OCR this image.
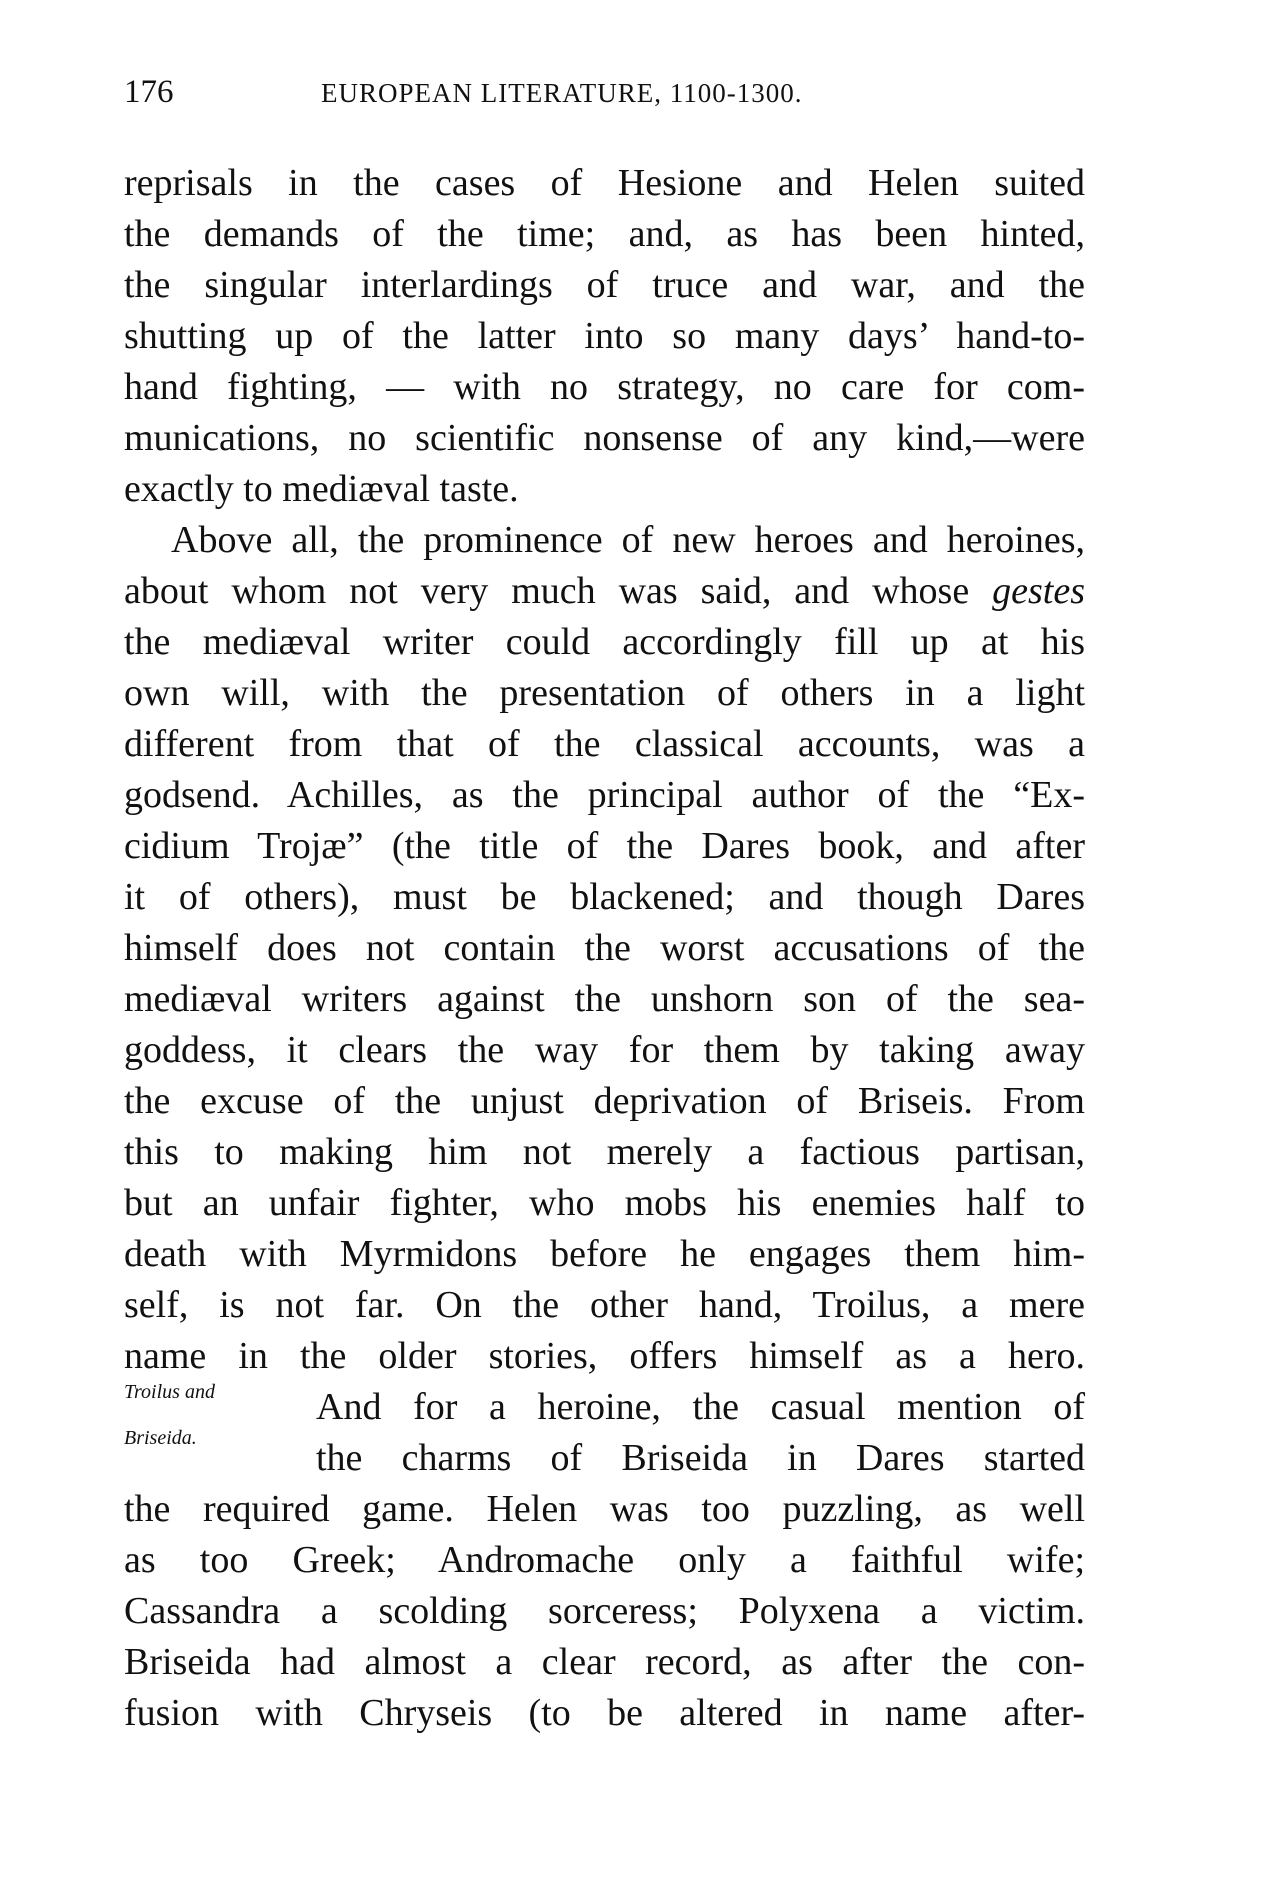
176	EUROPEAN LITERATURE, 1100-1300.
Troilus and
Briseida.
reprisals in the cases of Hesione and Helen suited
the demands of the time; and, as has been hinted,
the singular interlardings of truce and war, and the
shutting up of the latter into so many days’ hand-to-
hand fighting, — with no strategy, no care for com-
munications, no scientific nonsense of any kind,—were
exactly to mediæval taste.
Above all, the prominence of new heroes and heroines,
about whom not very much was said, and whose gestes
the mediæval writer could accordingly fill up at his
own will, with the presentation of others in a light
different from that of the classical accounts, was a
godsend. Achilles, as the principal author of the “Ex-
cidium Trojæ” (the title of the Dares book, and after
it of others), must be blackened; and though Dares
himself does not contain the worst accusations of the
mediæval writers against the unshorn son of the sea-
goddess, it clears the way for them by taking away
the excuse of the unjust deprivation of Briseis. From
this to making him not merely a factious partisan,
but an unfair fighter, who mobs his enemies half to
death with Myrmidons before he engages them him-
self, is not far. On the other hand, Troilus, a mere
name in the older stories, offers himself as a hero.
And for a heroine, the casual mention of
the charms of Briseida in Dares started
the required game. Helen was too puzzling, as well
as too Greek; Andromache only a faithful wife;
Cassandra a scolding sorceress; Polyxena a victim.
Briseida had almost a clear record, as after the con-
fusion with Chryseis (to be altered in name after-
